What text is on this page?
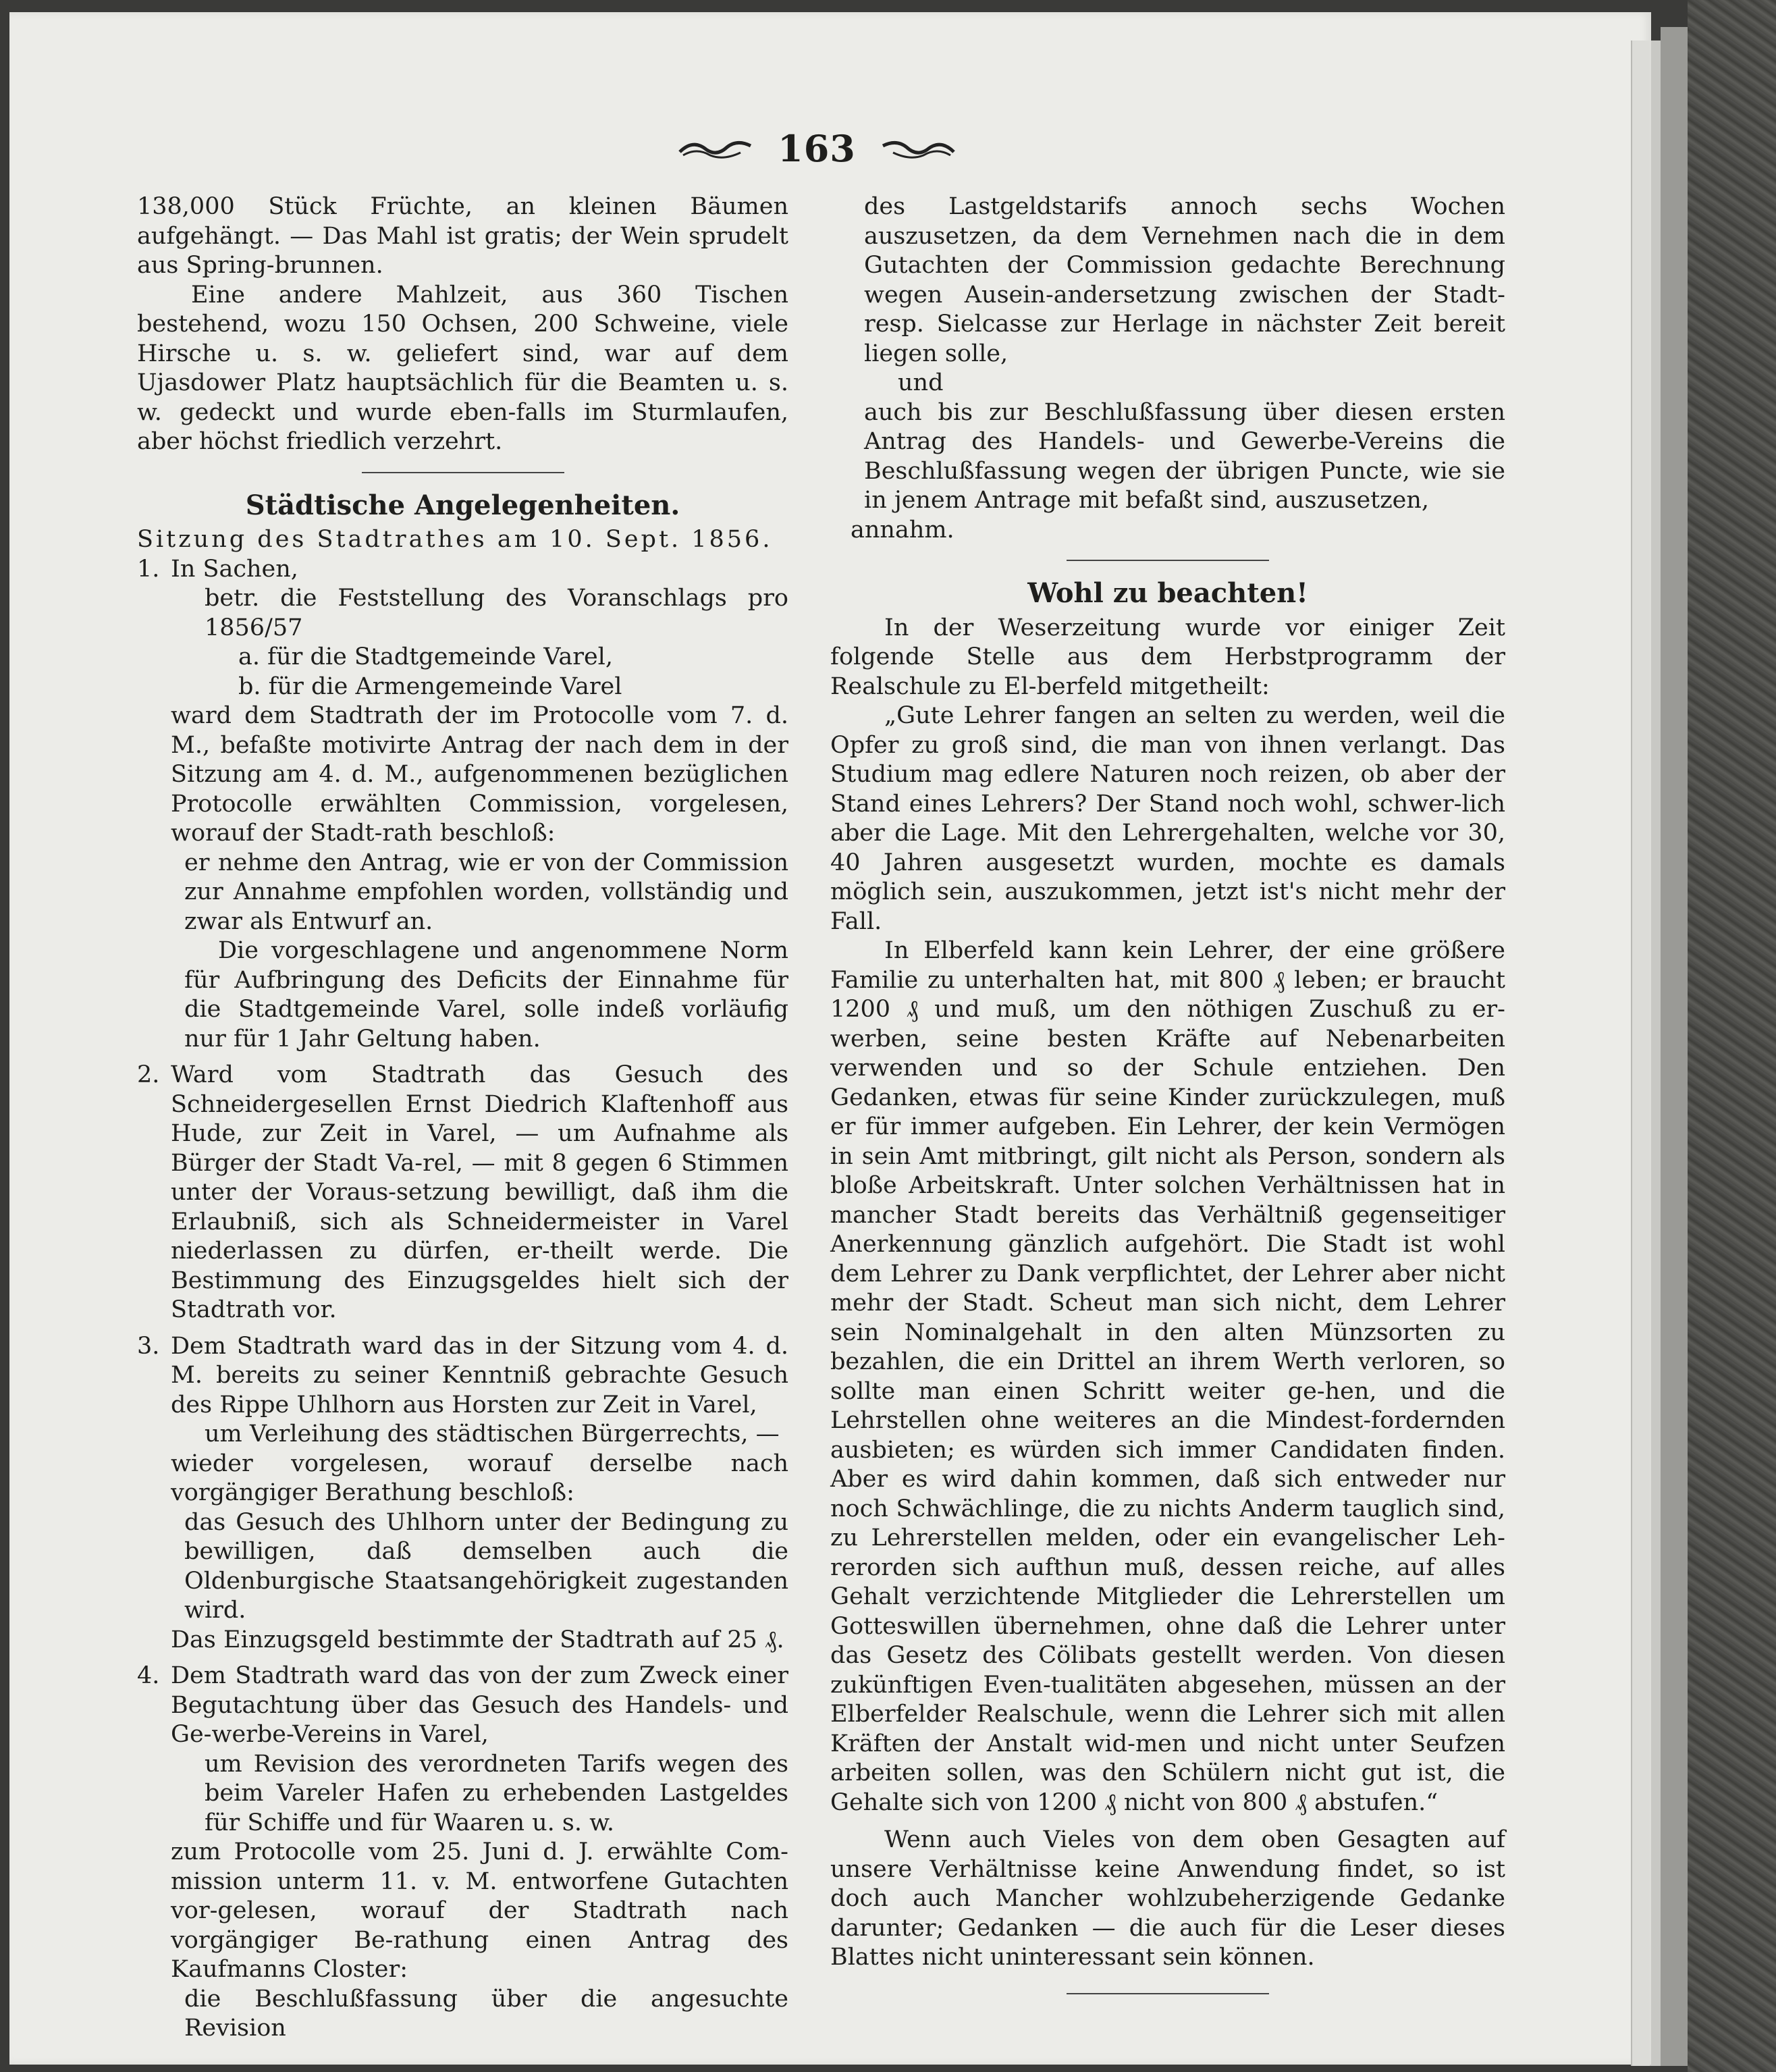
163

138,000 Stück Früchte, an kleinen Bäumen aufgehängt. — Das Mahl ist gratis; der Wein sprudelt aus Spring-brunnen.

Eine andere Mahlzeit, aus 360 Tischen bestehend, wozu 150 Ochsen, 200 Schweine, viele Hirsche u. s. w. geliefert sind, war auf dem Ujasdower Platz hauptsächlich für die Beamten u. s. w. gedeckt und wurde eben-falls im Sturmlaufen, aber höchst friedlich verzehrt.

Städtische Angelegenheiten.

Sitzung des Stadtrathes am 10. Sept. 1856.

1. In Sachen,

betr. die Feststellung des Voranschlags pro 1856/57

a. für die Stadtgemeinde Varel,

b. für die Armengemeinde Varel

ward dem Stadtrath der im Protocolle vom 7. d. M., befaßte motivirte Antrag der nach dem in der Sitzung am 4. d. M., aufgenommenen bezüglichen Protocolle erwählten Commission, vorgelesen, worauf der Stadt-rath beschloß:

er nehme den Antrag, wie er von der Commission zur Annahme empfohlen worden, vollständig und zwar als Entwurf an.

Die vorgeschlagene und angenommene Norm für Aufbringung des Deficits der Einnahme für die Stadtgemeinde Varel, solle indeß vorläufig nur für 1 Jahr Geltung haben.

2. Ward vom Stadtrath das Gesuch des Schneidergesellen Ernst Diedrich Klaftenhoff aus Hude, zur Zeit in Varel, — um Aufnahme als Bürger der Stadt Va-rel, — mit 8 gegen 6 Stimmen unter der Voraus-setzung bewilligt, daß ihm die Erlaubniß, sich als Schneidermeister in Varel niederlassen zu dürfen, er-theilt werde. Die Bestimmung des Einzugsgeldes hielt sich der Stadtrath vor.

3. Dem Stadtrath ward das in der Sitzung vom 4. d. M. bereits zu seiner Kenntniß gebrachte Gesuch des Rippe Uhlhorn aus Horsten zur Zeit in Varel,

um Verleihung des städtischen Bürgerrechts, —

wieder vorgelesen, worauf derselbe nach vorgängiger Berathung beschloß:

das Gesuch des Uhlhorn unter der Bedingung zu bewilligen, daß demselben auch die Oldenburgische Staatsangehörigkeit zugestanden wird.

Das Einzugsgeld bestimmte der Stadtrath auf 25 ₰.

4. Dem Stadtrath ward das von der zum Zweck einer Begutachtung über das Gesuch des Handels- und Ge-werbe-Vereins in Varel,

um Revision des verordneten Tarifs wegen des beim Vareler Hafen zu erhebenden Lastgeldes für Schiffe und für Waaren u. s. w.

zum Protocolle vom 25. Juni d. J. erwählte Com-mission unterm 11. v. M. entworfene Gutachten vor-gelesen, worauf der Stadtrath nach vorgängiger Be-rathung einen Antrag des Kaufmanns Closter:

die Beschlußfassung über die angesuchte Revision

des Lastgeldstarifs annoch sechs Wochen auszusetzen, da dem Vernehmen nach die in dem Gutachten der Commission gedachte Berechnung wegen Ausein-andersetzung zwischen der Stadt- resp. Sielcasse zur Herlage in nächster Zeit bereit liegen solle,

und

auch bis zur Beschlußfassung über diesen ersten Antrag des Handels- und Gewerbe-Vereins die Beschlußfassung wegen der übrigen Puncte, wie sie in jenem Antrage mit befaßt sind, auszusetzen,

annahm.

Wohl zu beachten!

In der Weserzeitung wurde vor einiger Zeit folgende Stelle aus dem Herbstprogramm der Realschule zu El-berfeld mitgetheilt:

„Gute Lehrer fangen an selten zu werden, weil die Opfer zu groß sind, die man von ihnen verlangt. Das Studium mag edlere Naturen noch reizen, ob aber der Stand eines Lehrers? Der Stand noch wohl, schwer-lich aber die Lage. Mit den Lehrergehalten, welche vor 30, 40 Jahren ausgesetzt wurden, mochte es damals möglich sein, auszukommen, jetzt ist's nicht mehr der Fall.

In Elberfeld kann kein Lehrer, der eine größere Familie zu unterhalten hat, mit 800 ₰ leben; er braucht 1200 ₰ und muß, um den nöthigen Zuschuß zu er-werben, seine besten Kräfte auf Nebenarbeiten verwenden und so der Schule entziehen. Den Gedanken, etwas für seine Kinder zurückzulegen, muß er für immer aufgeben. Ein Lehrer, der kein Vermögen in sein Amt mitbringt, gilt nicht als Person, sondern als bloße Arbeitskraft. Unter solchen Verhältnissen hat in mancher Stadt bereits das Verhältniß gegenseitiger Anerkennung gänzlich aufgehört. Die Stadt ist wohl dem Lehrer zu Dank verpflichtet, der Lehrer aber nicht mehr der Stadt. Scheut man sich nicht, dem Lehrer sein Nominalgehalt in den alten Münzsorten zu bezahlen, die ein Drittel an ihrem Werth verloren, so sollte man einen Schritt weiter ge-hen, und die Lehrstellen ohne weiteres an die Mindest-fordernden ausbieten; es würden sich immer Candidaten finden. Aber es wird dahin kommen, daß sich entweder nur noch Schwächlinge, die zu nichts Anderm tauglich sind, zu Lehrerstellen melden, oder ein evangelischer Leh-rerorden sich aufthun muß, dessen reiche, auf alles Gehalt verzichtende Mitglieder die Lehrerstellen um Gotteswillen übernehmen, ohne daß die Lehrer unter das Gesetz des Cölibats gestellt werden. Von diesen zukünftigen Even-tualitäten abgesehen, müssen an der Elberfelder Realschule, wenn die Lehrer sich mit allen Kräften der Anstalt wid-men und nicht unter Seufzen arbeiten sollen, was den Schülern nicht gut ist, die Gehalte sich von 1200 ₰ nicht von 800 ₰ abstufen.“

Wenn auch Vieles von dem oben Gesagten auf unsere Verhältnisse keine Anwendung findet, so ist doch auch Mancher wohlzubeherzigende Gedanke darunter; Gedanken — die auch für die Leser dieses Blattes nicht uninteressant sein können.
